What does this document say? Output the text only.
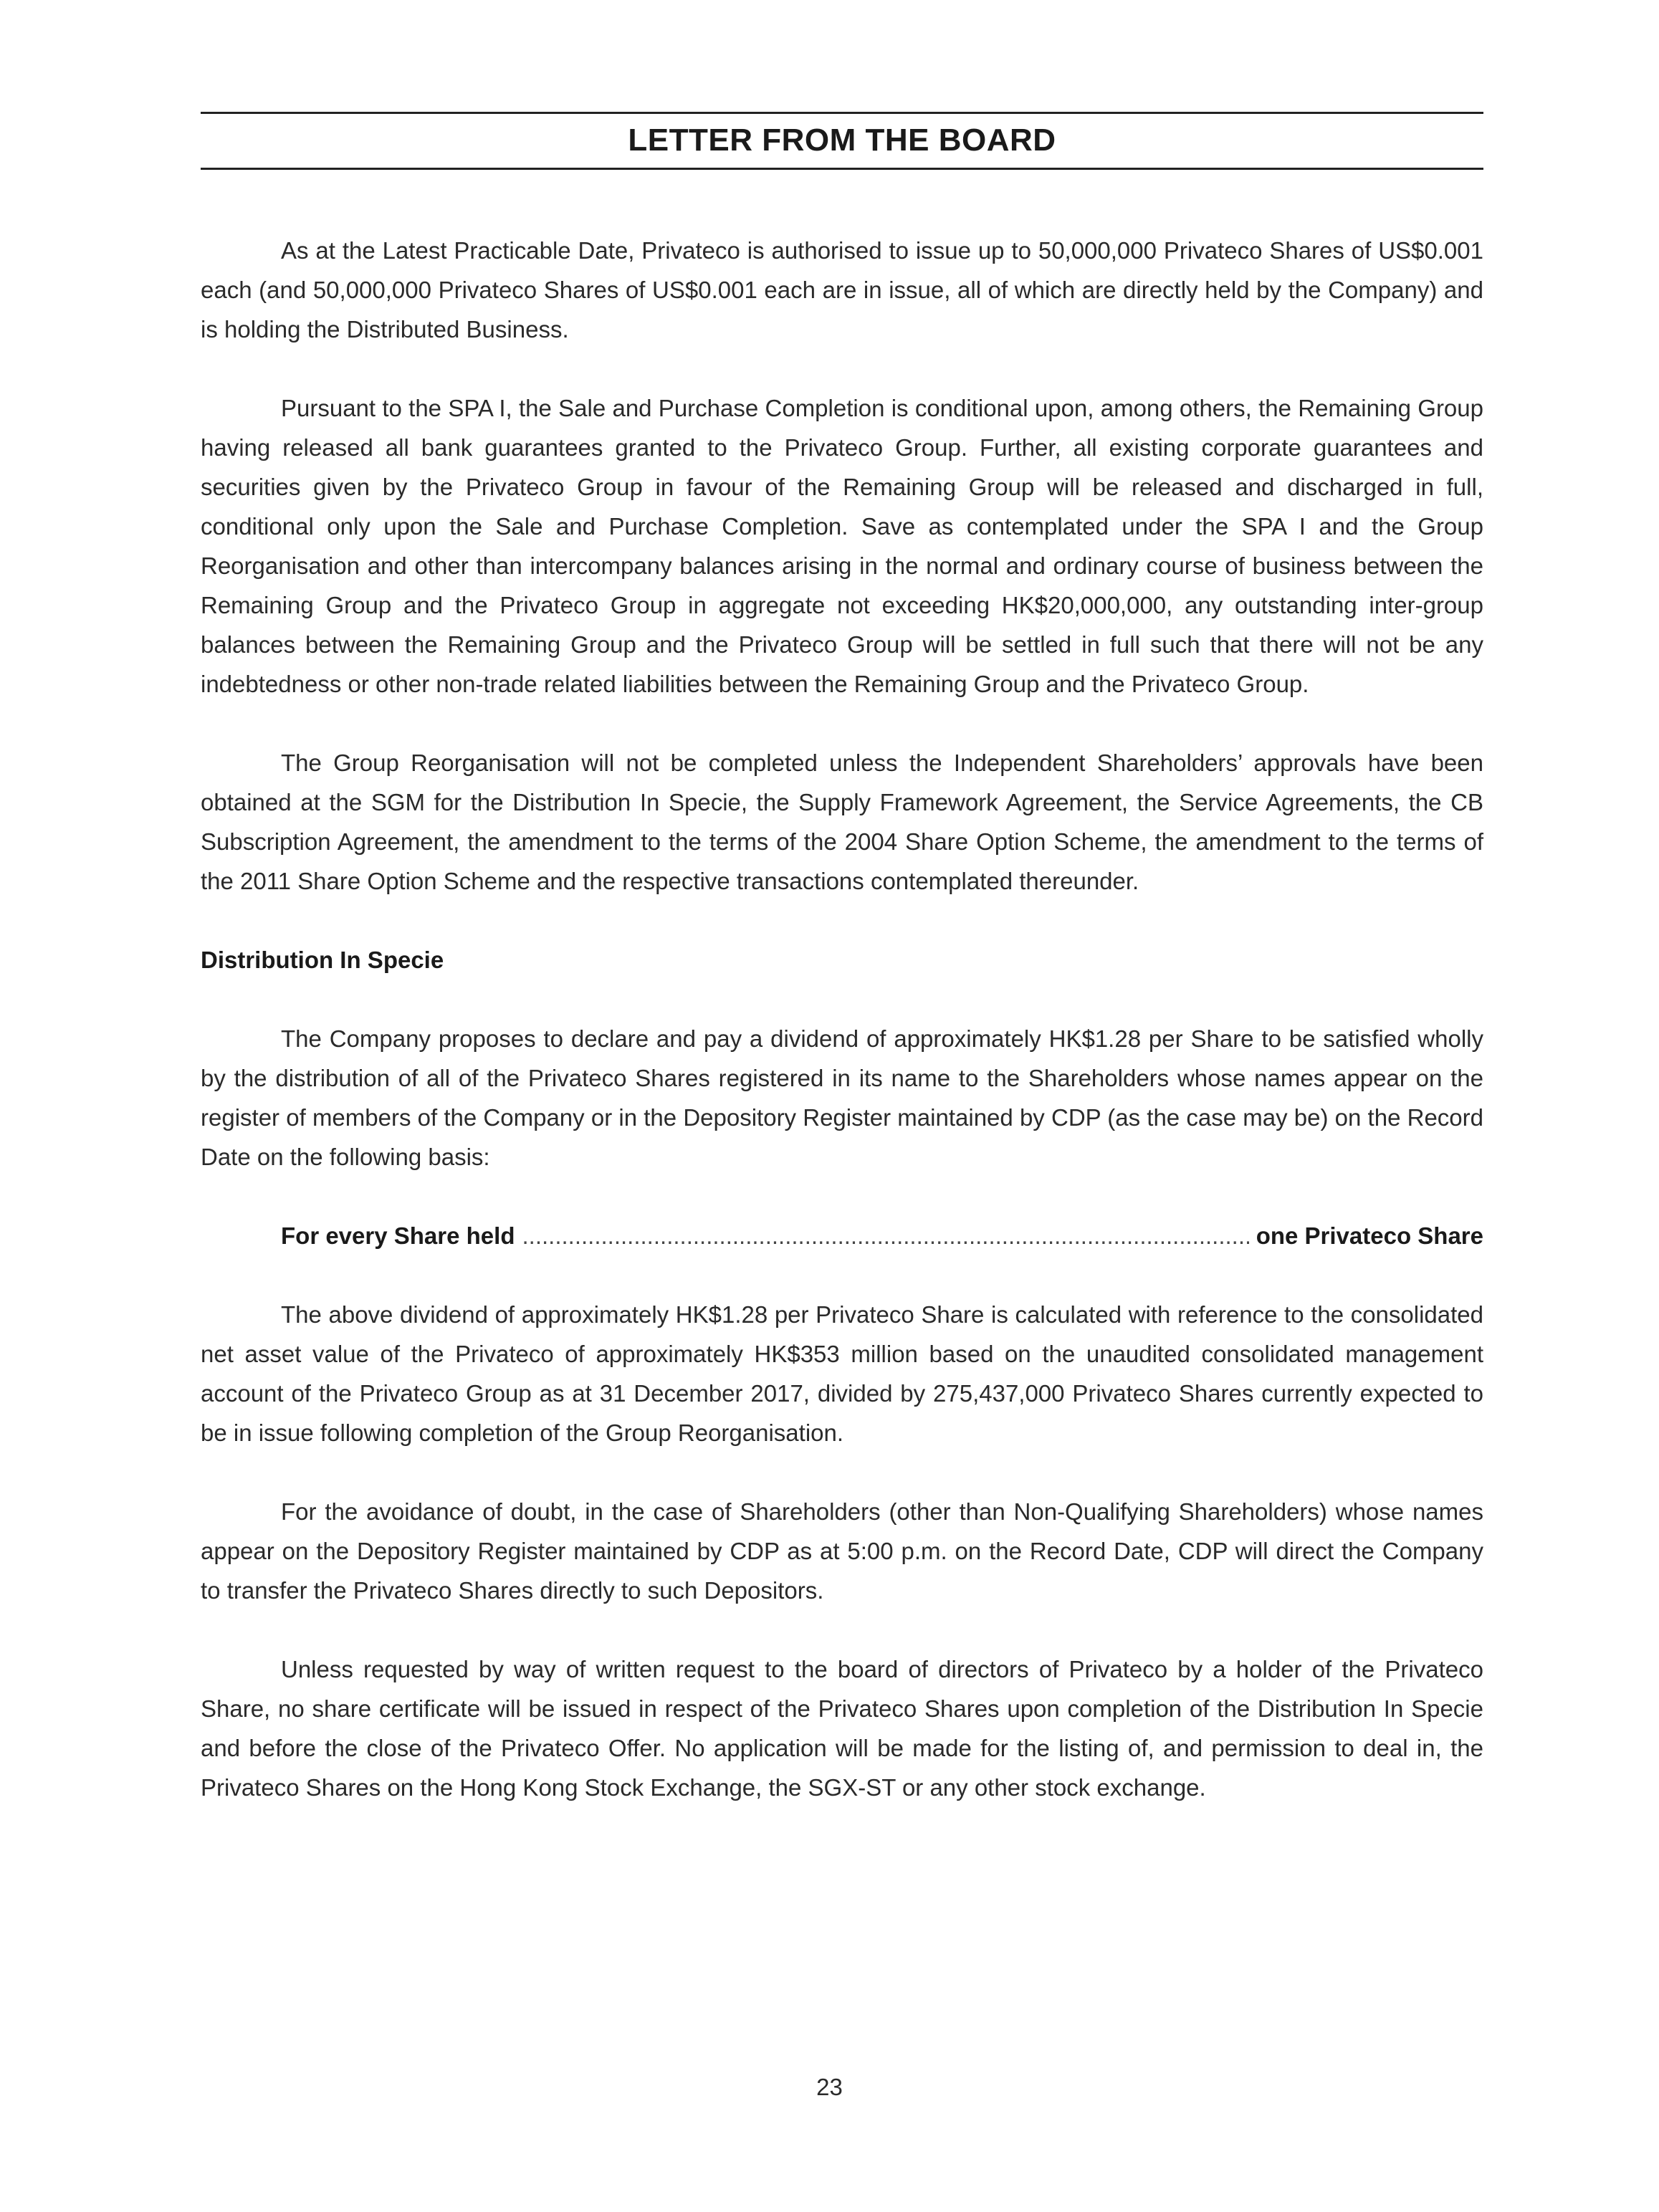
LETTER FROM THE BOARD

As at the Latest Practicable Date, Privateco is authorised to issue up to 50,000,000 Privateco Shares of US$0.001 each (and 50,000,000 Privateco Shares of US$0.001 each are in issue, all of which are directly held by the Company) and is holding the Distributed Business.

Pursuant to the SPA I, the Sale and Purchase Completion is conditional upon, among others, the Remaining Group having released all bank guarantees granted to the Privateco Group. Further, all existing corporate guarantees and securities given by the Privateco Group in favour of the Remaining Group will be released and discharged in full, conditional only upon the Sale and Purchase Completion. Save as contemplated under the SPA I and the Group Reorganisation and other than intercompany balances arising in the normal and ordinary course of business between the Remaining Group and the Privateco Group in aggregate not exceeding HK$20,000,000, any outstanding inter-group balances between the Remaining Group and the Privateco Group will be settled in full such that there will not be any indebtedness or other non-trade related liabilities between the Remaining Group and the Privateco Group.

The Group Reorganisation will not be completed unless the Independent Shareholders’ approvals have been obtained at the SGM for the Distribution In Specie, the Supply Framework Agreement, the Service Agreements, the CB Subscription Agreement, the amendment to the terms of the 2004 Share Option Scheme, the amendment to the terms of the 2011 Share Option Scheme and the respective transactions contemplated thereunder.

Distribution In Specie

The Company proposes to declare and pay a dividend of approximately HK$1.28 per Share to be satisfied wholly by the distribution of all of the Privateco Shares registered in its name to the Shareholders whose names appear on the register of members of the Company or in the Depository Register maintained by CDP (as the case may be) on the Record Date on the following basis:

For every Share held
.....	one Privateco Share

The above dividend of approximately HK$1.28 per Privateco Share is calculated with reference to the consolidated net asset value of the Privateco of approximately HK$353 million based on the unaudited consolidated management account of the Privateco Group as at 31 December 2017, divided by 275,437,000 Privateco Shares currently expected to be in issue following completion of the Group Reorganisation.

For the avoidance of doubt, in the case of Shareholders (other than Non-Qualifying Shareholders) whose names appear on the Depository Register maintained by CDP as at 5:00 p.m. on the Record Date, CDP will direct the Company to transfer the Privateco Shares directly to such Depositors.

Unless requested by way of written request to the board of directors of Privateco by a holder of the Privateco Share, no share certificate will be issued in respect of the Privateco Shares upon completion of the Distribution In Specie and before the close of the Privateco Offer. No application will be made for the listing of, and permission to deal in, the Privateco Shares on the Hong Kong Stock Exchange, the SGX-ST or any other stock exchange.

23
